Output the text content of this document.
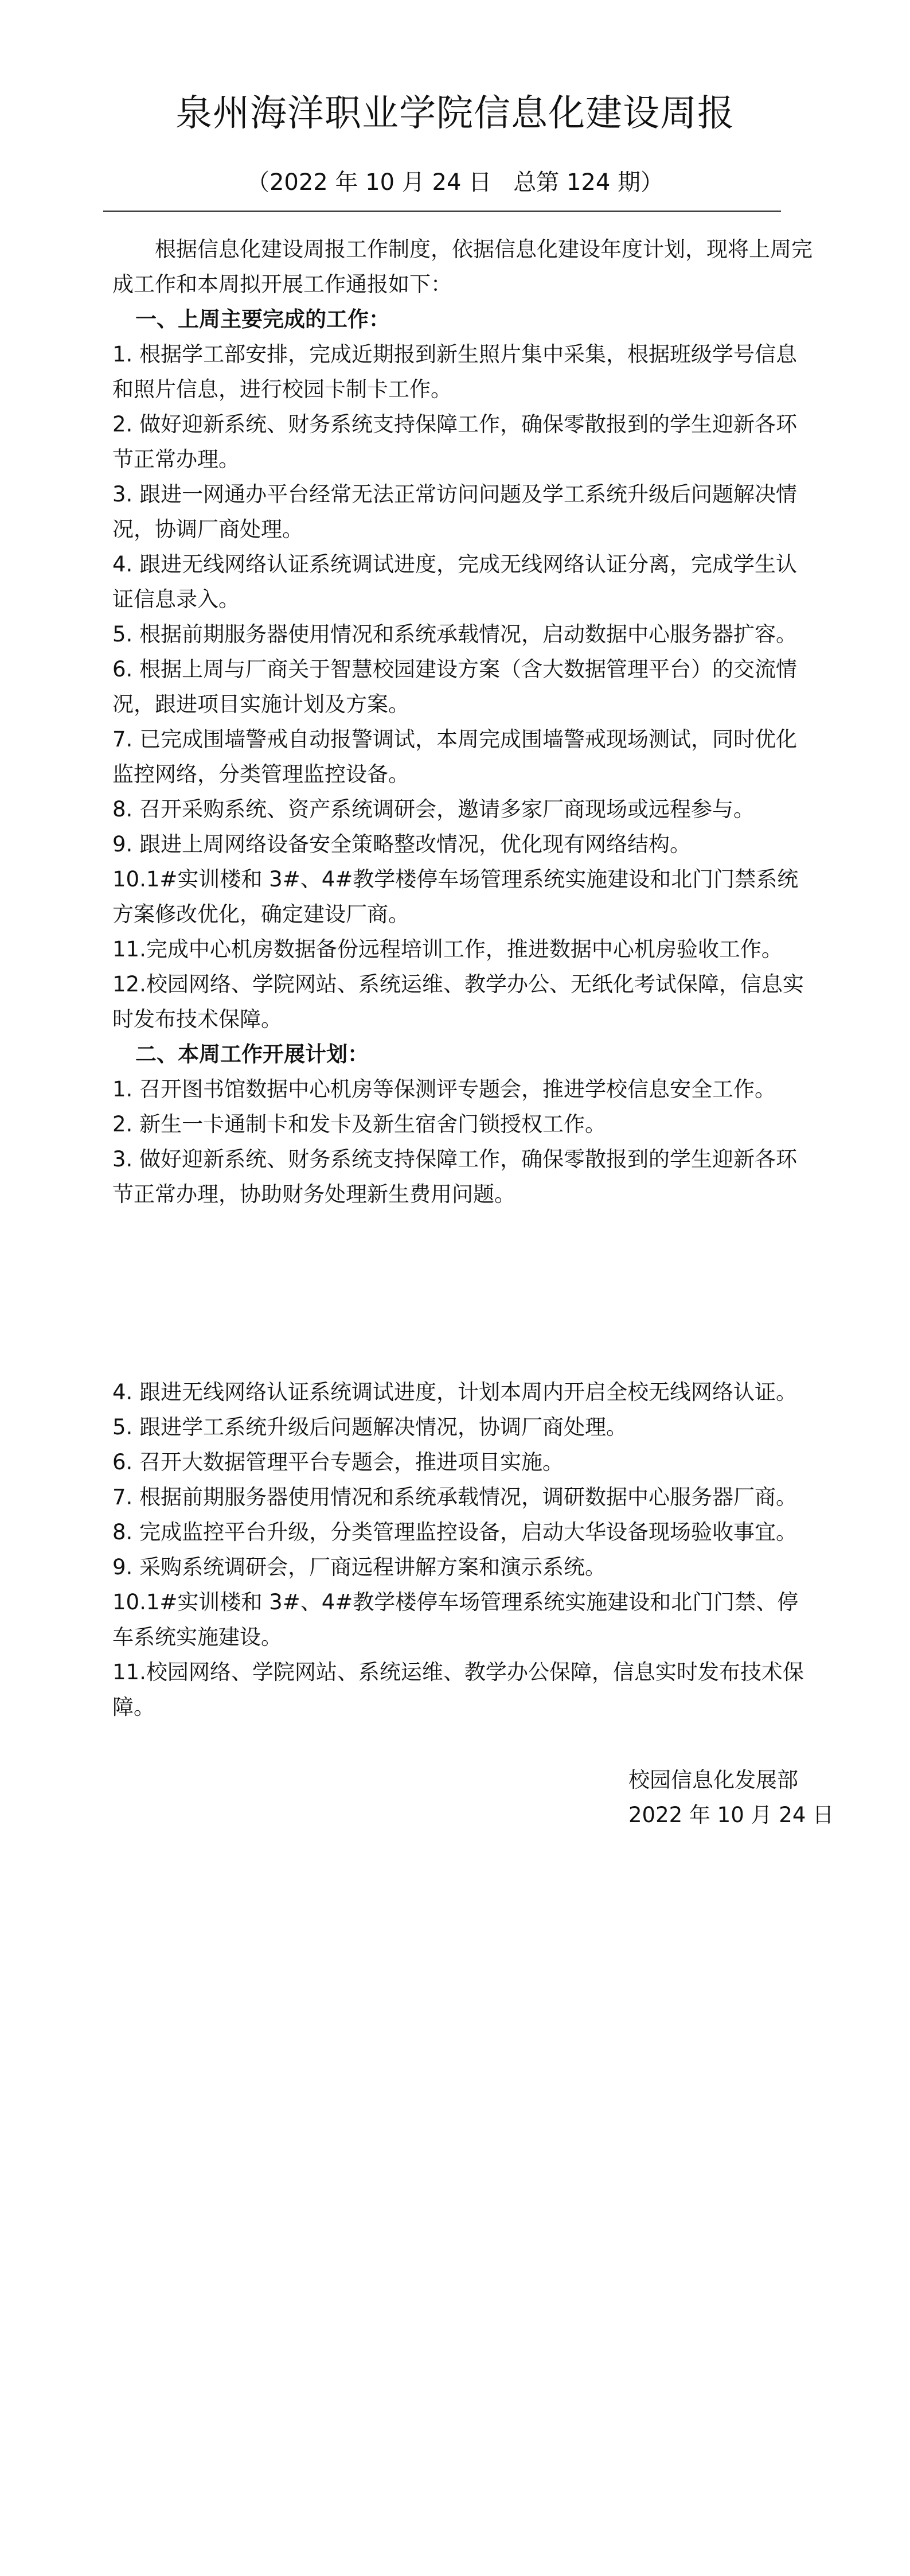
泉州海洋职业学院信息化建设周报
（2022 年 10 月 24 日   总第 124 期）

根据信息化建设周报工作制度，依据信息化建设年度计划，现将上周完成工作和本周拟开展工作通报如下：

一、上周主要完成的工作：

1. 根据学工部安排，完成近期报到新生照片集中采集，根据班级学号信息和照片信息，进行校园卡制卡工作。

2. 做好迎新系统、财务系统支持保障工作，确保零散报到的学生迎新各环节正常办理。

3. 跟进一网通办平台经常无法正常访问问题及学工系统升级后问题解决情况，协调厂商处理。

4. 跟进无线网络认证系统调试进度，完成无线网络认证分离，完成学生认证信息录入。

5. 根据前期服务器使用情况和系统承载情况，启动数据中心服务器扩容。

6. 根据上周与厂商关于智慧校园建设方案（含大数据管理平台）的交流情况，跟进项目实施计划及方案。

7. 已完成围墙警戒自动报警调试，本周完成围墙警戒现场测试，同时优化监控网络，分类管理监控设备。

8. 召开采购系统、资产系统调研会，邀请多家厂商现场或远程参与。

9. 跟进上周网络设备安全策略整改情况，优化现有网络结构。

10.1#实训楼和 3#、4#教学楼停车场管理系统实施建设和北门门禁系统方案修改优化，确定建设厂商。

11.完成中心机房数据备份远程培训工作，推进数据中心机房验收工作。

12.校园网络、学院网站、系统运维、教学办公、无纸化考试保障，信息实时发布技术保障。

二、本周工作开展计划：

1. 召开图书馆数据中心机房等保测评专题会，推进学校信息安全工作。

2. 新生一卡通制卡和发卡及新生宿舍门锁授权工作。

3. 做好迎新系统、财务系统支持保障工作，确保零散报到的学生迎新各环节正常办理，协助财务处理新生费用问题。

4. 跟进无线网络认证系统调试进度，计划本周内开启全校无线网络认证。

5. 跟进学工系统升级后问题解决情况，协调厂商处理。

6. 召开大数据管理平台专题会，推进项目实施。

7. 根据前期服务器使用情况和系统承载情况，调研数据中心服务器厂商。

8. 完成监控平台升级，分类管理监控设备，启动大华设备现场验收事宜。

9. 采购系统调研会，厂商远程讲解方案和演示系统。

10.1#实训楼和 3#、4#教学楼停车场管理系统实施建设和北门门禁、停车系统实施建设。

11.校园网络、学院网站、系统运维、教学办公保障，信息实时发布技术保障。

校园信息化发展部

2022 年 10 月 24 日
